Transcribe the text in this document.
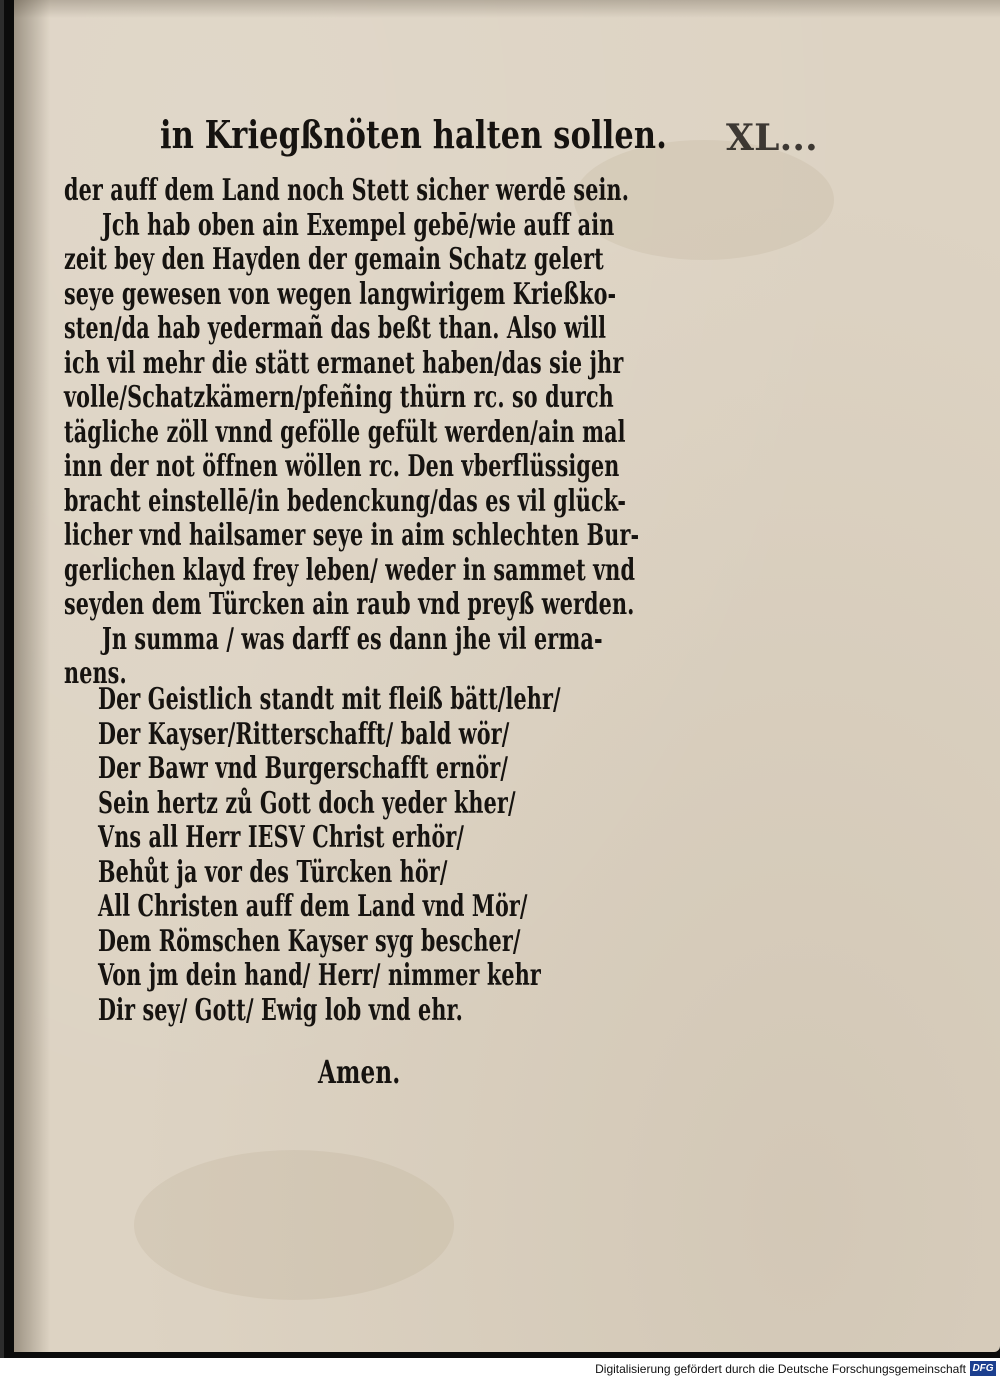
in Kriegßnöten halten sollen. XL...
der auff dem Land noch Stett sicher werdē sein.
Jch hab oben ain Exempel gebē/wie auff ain
zeit bey den Hayden der gemain Schatz gelert
seye gewesen von wegen langwirigem Krießko-
sten/da hab yedermañ das beßt than. Also will
ich vil mehr die stätt ermanet haben/das sie jhr
volle/Schatzkämern/pfeñing thürn rc. so durch
tägliche zöll vnnd gefölle gefült werden/ain mal
inn der not öffnen wöllen rc. Den vberflüssigen
bracht einstellē/in bedenckung/das es vil glück-
licher vnd hailsamer seye in aim schlechten Bur-
gerlichen klayd frey leben/ weder in sammet vnd
seyden dem Türcken ain raub vnd preyß werden.
Jn summa / was darff es dann jhe vil erma-
nens.
Der Geistlich standt mit fleiß bätt/lehr/
Der Kayser/Ritterschafft/ bald wör/
Der Bawr vnd Burgerschafft ernör/
Sein hertz zů Gott doch yeder kher/
Vns all Herr IESV Christ erhör/
Behůt ja vor des Türcken hör/
All Christen auff dem Land vnd Mör/
Dem Römschen Kayser syg bescher/
Von jm dein hand/ Herr/ nimmer kehr
Dir sey/ Gott/ Ewig lob vnd ehr.
Amen.
Digitalisierung gefördert durch die Deutsche Forschungsgemeinschaft DFG
